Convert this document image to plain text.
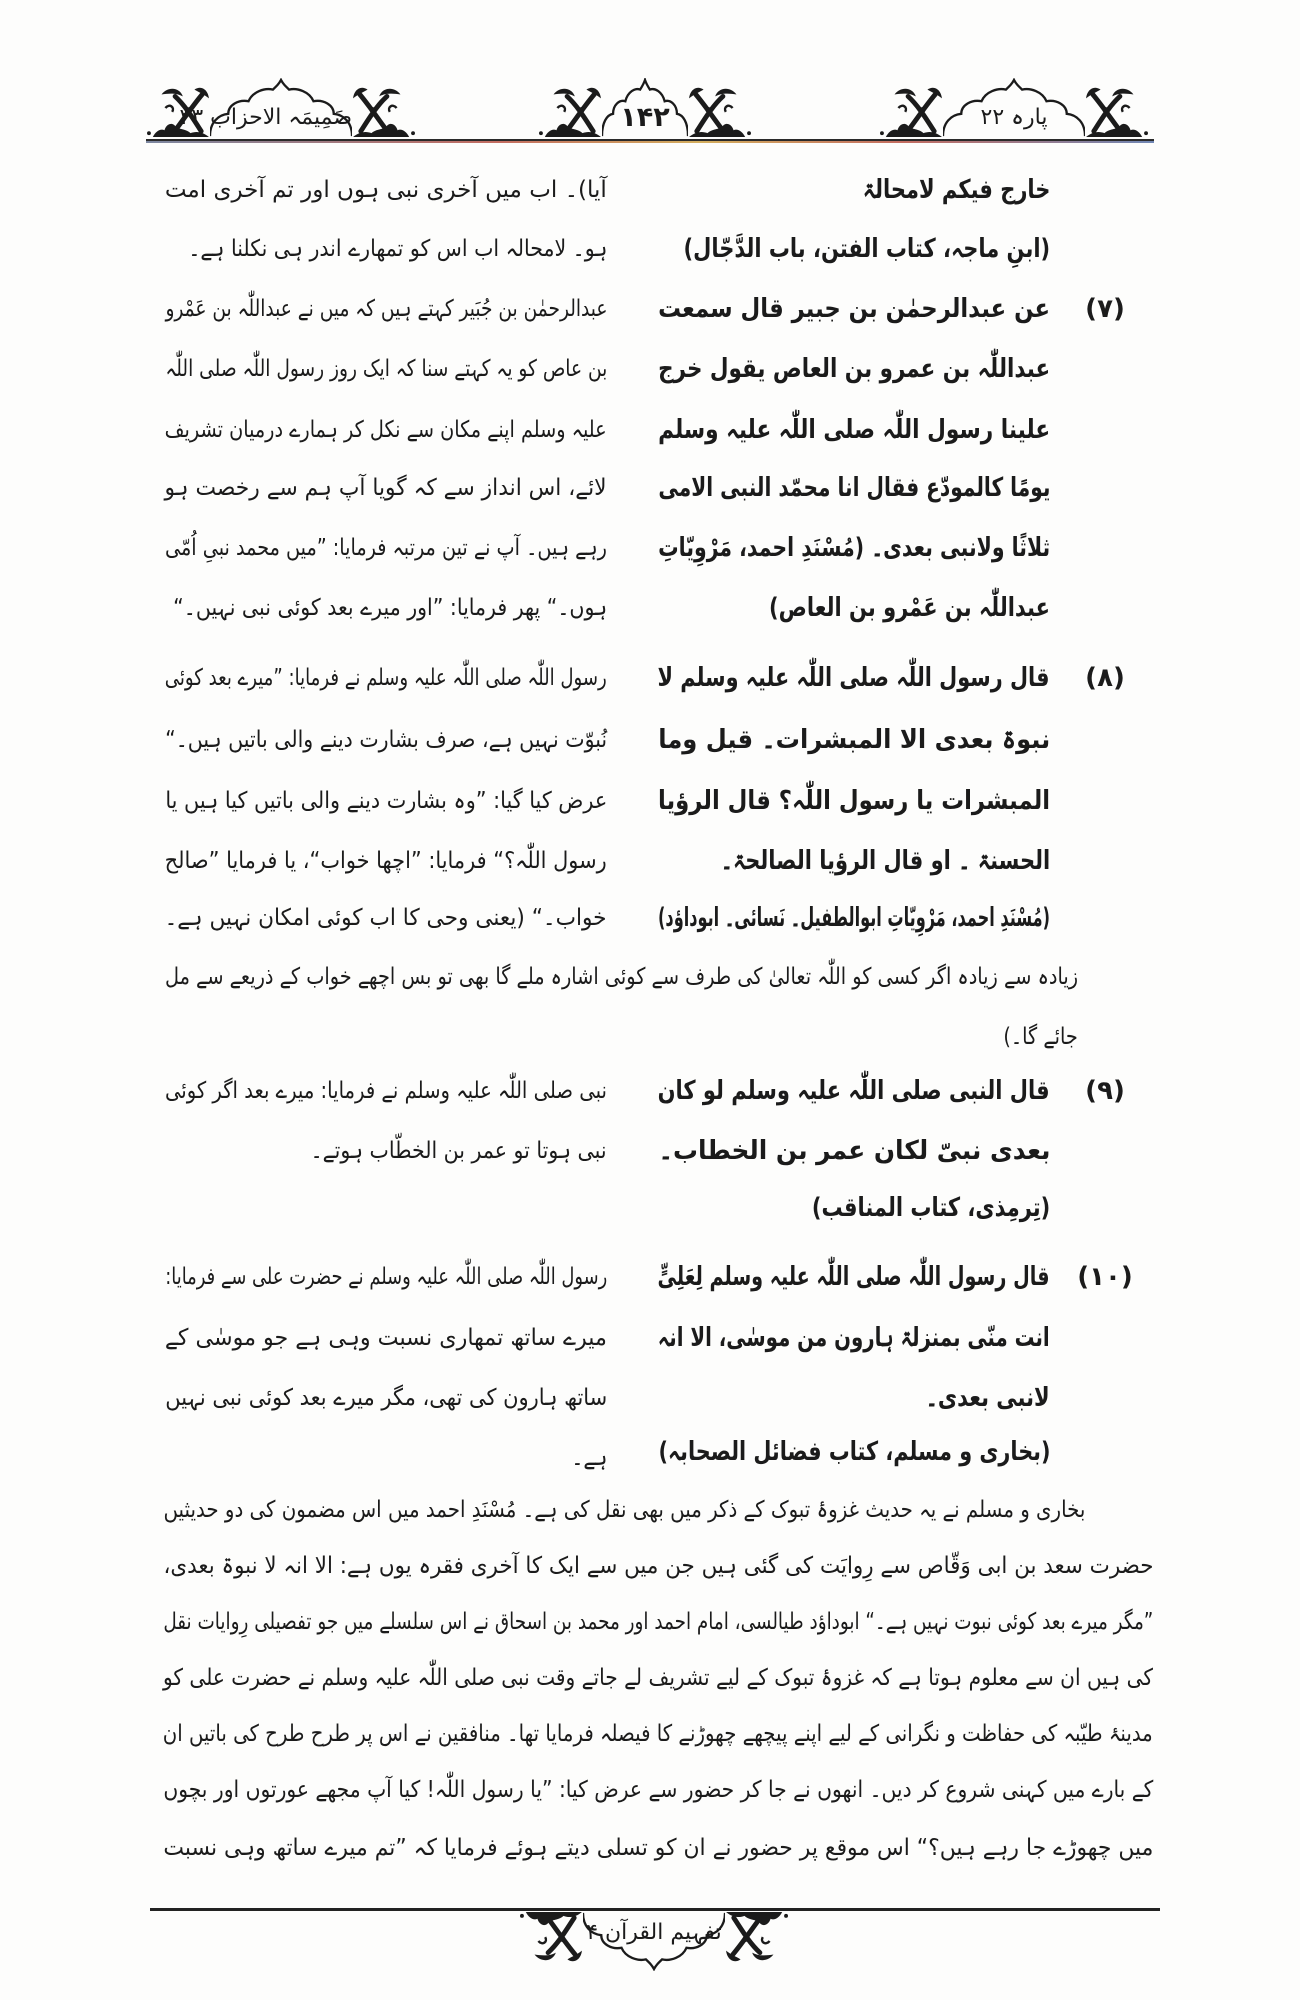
ضَمِیمَہ الاحزاب ۳۳	۱۴۲	پارہ ۲۲
خارج فیکم لامحالۃ
(ابنِ ماجہ، کتاب الفتن، باب الدَّجّال)
آیا)۔ اب میں آخری نبی ہوں اور تم آخری امت
ہو۔ لامحالہ اب اس کو تمھارے اندر ہی نکلنا ہے۔
(۷)
عن عبدالرحمٰن بن جبیر قال سمعت
عبداللّٰہ بن عمرو بن العاص یقول خرج
علینا رسول اللّٰہ صلی اللّٰہ علیہ وسلم
یومًا کالمودّع فقال انا محمّد النبی الامی
ثلاثًا ولانبی بعدی۔ (مُسْنَدِ احمد، مَرْوِیّاتِ
عبداللّٰہ بن عَمْرو بن العاص)
عبدالرحمٰن بن جُبَیر کہتے ہیں کہ میں نے عبداللّٰہ بن عَمْرو
بن عاص کو یہ کہتے سنا کہ ایک روز رسول اللّٰہ صلی اللّٰہ
علیہ وسلم اپنے مکان سے نکل کر ہمارے درمیان تشریف
لائے، اس انداز سے کہ گویا آپ ہم سے رخصت ہو
رہے ہیں۔ آپ نے تین مرتبہ فرمایا: ”میں محمد نبیِ اُمّی
ہوں۔“ پھر فرمایا: ”اور میرے بعد کوئی نبی نہیں۔“
(۸)
قال رسول اللّٰہ صلی اللّٰہ علیہ وسلم لا
نبوۃ بعدی الا المبشرات۔ قیل وما
المبشرات یا رسول اللّٰہ؟ قال الرؤیا
الحسنۃ ۔ او قال الرؤیا الصالحۃ۔
(مُسْنَدِ احمد، مَرْوِیّاتِ ابوالطفیل۔ نَسائی۔ ابوداؤد)
رسول اللّٰہ صلی اللّٰہ علیہ وسلم نے فرمایا: ”میرے بعد کوئی
نُبوّت نہیں ہے، صرف بشارت دینے والی باتیں ہیں۔“
عرض کیا گیا: ”وہ بشارت دینے والی باتیں کیا ہیں یا
رسول اللّٰہ؟“ فرمایا: ”اچھا خواب“، یا فرمایا ”صالح
خواب۔“ (یعنی وحی کا اب کوئی امکان نہیں ہے۔
زیادہ سے زیادہ اگر کسی کو اللّٰہ تعالیٰ کی طرف سے کوئی اشارہ ملے گا بھی تو بس اچھے خواب کے ذریعے سے مل
جائے گا۔)
(۹)
قال النبی صلی اللّٰہ علیہ وسلم لو کان
بعدی نبیّ لکان عمر بن الخطاب۔
(تِرمِذی، کتاب المناقب)
نبی صلی اللّٰہ علیہ وسلم نے فرمایا: میرے بعد اگر کوئی
نبی ہوتا تو عمر بن الخطّاب ہوتے۔
(۱۰)
قال رسول اللّٰہ صلی اللّٰہ علیہ وسلم لِعَلِیٍّ
انت منّی بمنزلۃ ہارون من موسٰی، الا انہ
لانبی بعدی۔
(بخاری و مسلم، کتاب فضائل الصحابہ)
رسول اللّٰہ صلی اللّٰہ علیہ وسلم نے حضرت علی سے فرمایا:
میرے ساتھ تمھاری نسبت وہی ہے جو موسٰی کے
ساتھ ہارون کی تھی، مگر میرے بعد کوئی نبی نہیں
ہے۔
بخاری و مسلم نے یہ حدیث غزوۂ تبوک کے ذکر میں بھی نقل کی ہے۔ مُسْنَدِ احمد میں اس مضمون کی دو حدیثیں
حضرت سعد بن ابی وَقّاص سے رِوایَت کی گئی ہیں جن میں سے ایک کا آخری فقرہ یوں ہے: الا انہ لا نبوۃ بعدی،
”مگر میرے بعد کوئی نبوت نہیں ہے۔“ ابوداؤد طیالسی، امام احمد اور محمد بن اسحاق نے اس سلسلے میں جو تفصیلی رِوایات نقل
کی ہیں ان سے معلوم ہوتا ہے کہ غزوۂ تبوک کے لیے تشریف لے جاتے وقت نبی صلی اللّٰہ علیہ وسلم نے حضرت علی کو
مدینۂ طیّبہ کی حفاظت و نگرانی کے لیے اپنے پیچھے چھوڑنے کا فیصلہ فرمایا تھا۔ منافقین نے اس پر طرح طرح کی باتیں ان
کے بارے میں کہنی شروع کر دیں۔ انھوں نے جا کر حضور سے عرض کیا: ”یا رسول اللّٰہ! کیا آپ مجھے عورتوں اور بچوں
میں چھوڑے جا رہے ہیں؟“ اس موقع پر حضور نے ان کو تسلی دیتے ہوئے فرمایا کہ ”تم میرے ساتھ وہی نسبت
تفہیم القرآن ۴
